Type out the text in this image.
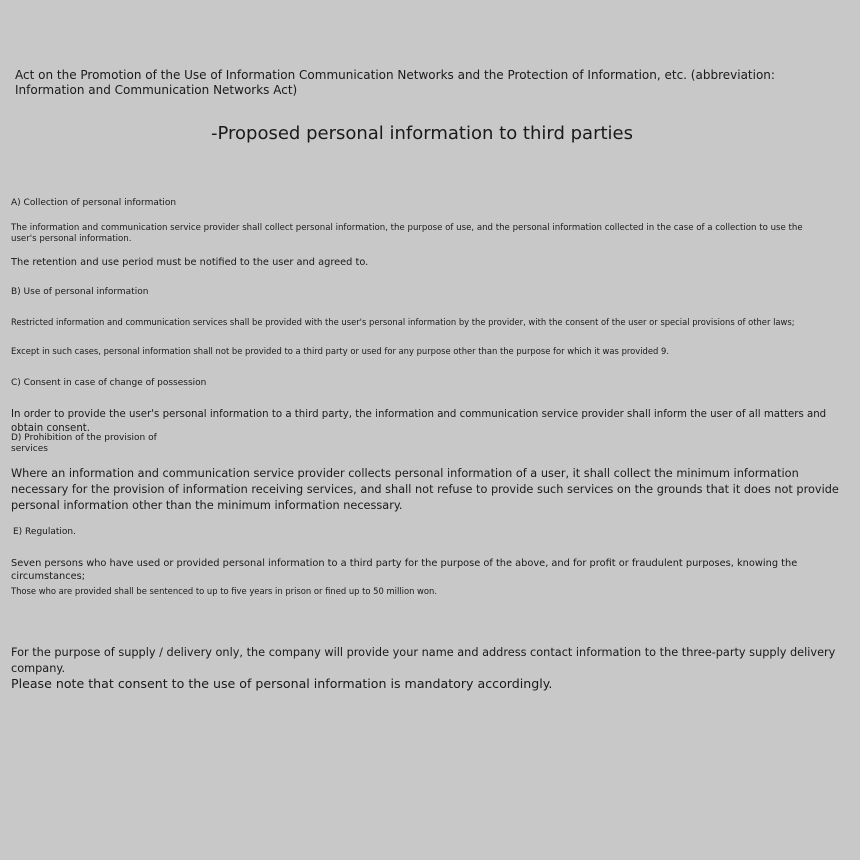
Act on the Promotion of the Use of Information Communication Networks and the Protection of Information, etc. (abbreviation: Information and Communication Networks Act)

-Proposed personal information to third parties

A) Collection of personal information

The information and communication service provider shall collect personal information, the purpose of use, and the personal information collected in the case of a collection to use the user's personal information.

The retention and use period must be notified to the user and agreed to.

B) Use of personal information

Restricted information and communication services shall be provided with the user's personal information by the provider, with the consent of the user or special provisions of other laws;

Except in such cases, personal information shall not be provided to a third party or used for any purpose other than the purpose for which it was provided 9.

C) Consent in case of change of possession

In order to provide the user's personal information to a third party, the information and communication service provider shall inform the user of all matters and obtain consent.

D) Prohibition of the provision of services

Where an information and communication service provider collects personal information of a user, it shall collect the minimum information necessary for the provision of information receiving services, and shall not refuse to provide such services on the grounds that it does not provide personal information other than the minimum information necessary.

E) Regulation.

Seven persons who have used or provided personal information to a third party for the purpose of the above, and for profit or fraudulent purposes, knowing the circumstances;

Those who are provided shall be sentenced to up to five years in prison or fined up to 50 million won.

For the purpose of supply / delivery only, the company will provide your name and address contact information to the three-party supply delivery company.

Please note that consent to the use of personal information is mandatory accordingly.
